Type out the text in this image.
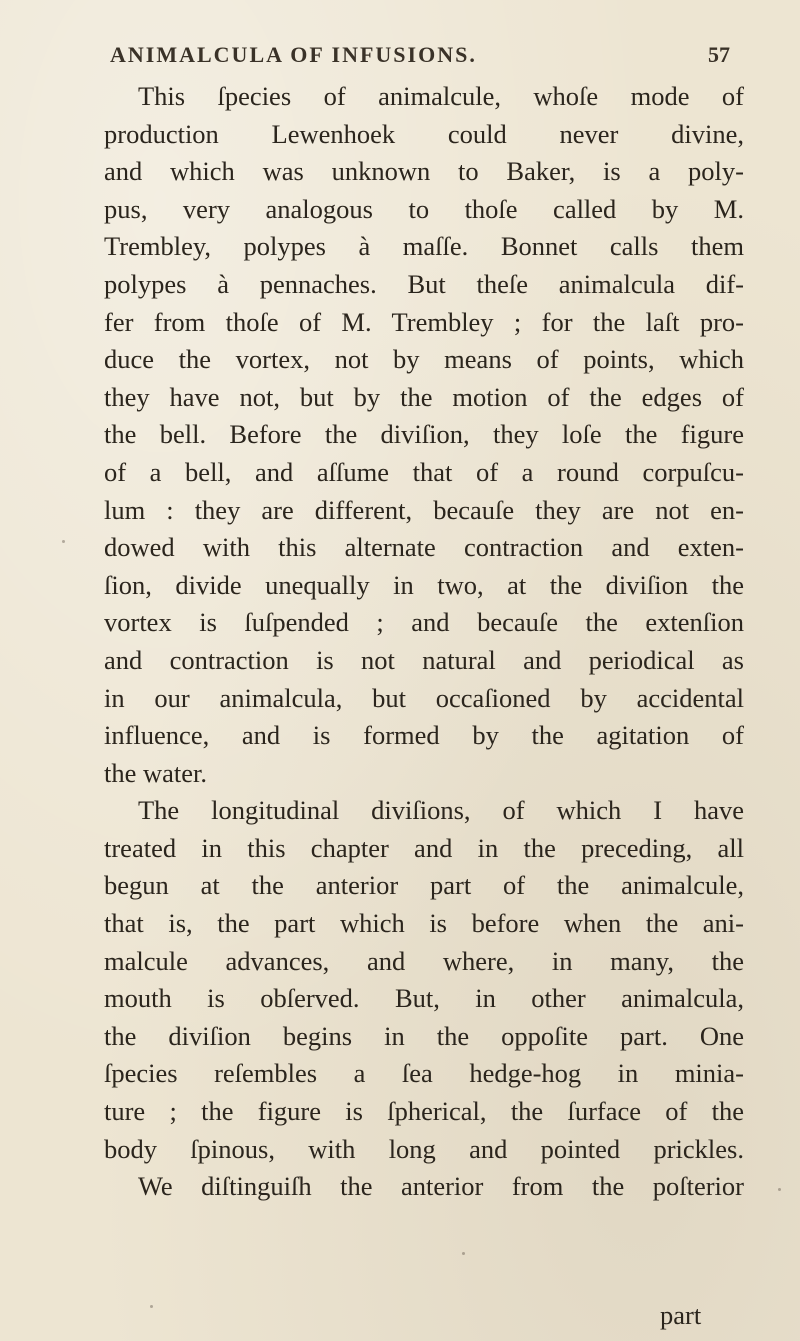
ANIMALCULA OF INFUSIONS.	57
This ſpecies of animalcule, whoſe mode of
production Lewenhoek could never divine,
and which was unknown to Baker, is a poly-
pus, very analogous to thoſe called by M.
Trembley, polypes à maſſe. Bonnet calls them
polypes à pennaches. But theſe animalcula dif-
fer from thoſe of M. Trembley ; for the laſt pro-
duce the vortex, not by means of points, which
they have not, but by the motion of the edges of
the bell. Before the diviſion, they loſe the figure
of a bell, and aſſume that of a round corpuſcu-
lum : they are different, becauſe they are not en-
dowed with this alternate contraction and exten-
ſion, divide unequally in two, at the diviſion the
vortex is ſuſpended ; and becauſe the extenſion
and contraction is not natural and periodical as
in our animalcula, but occaſioned by accidental
influence, and is formed by the agitation of
the water.
The longitudinal diviſions, of which I have
treated in this chapter and in the preceding, all
begun at the anterior part of the animalcule,
that is, the part which is before when the ani-
malcule advances, and where, in many, the
mouth is obſerved. But, in other animalcula,
the diviſion begins in the oppoſite part. One
ſpecies reſembles a ſea hedge-hog in minia-
ture ; the figure is ſpherical, the ſurface of the
body ſpinous, with long and pointed prickles.
We diſtinguiſh the anterior from the poſterior
part
